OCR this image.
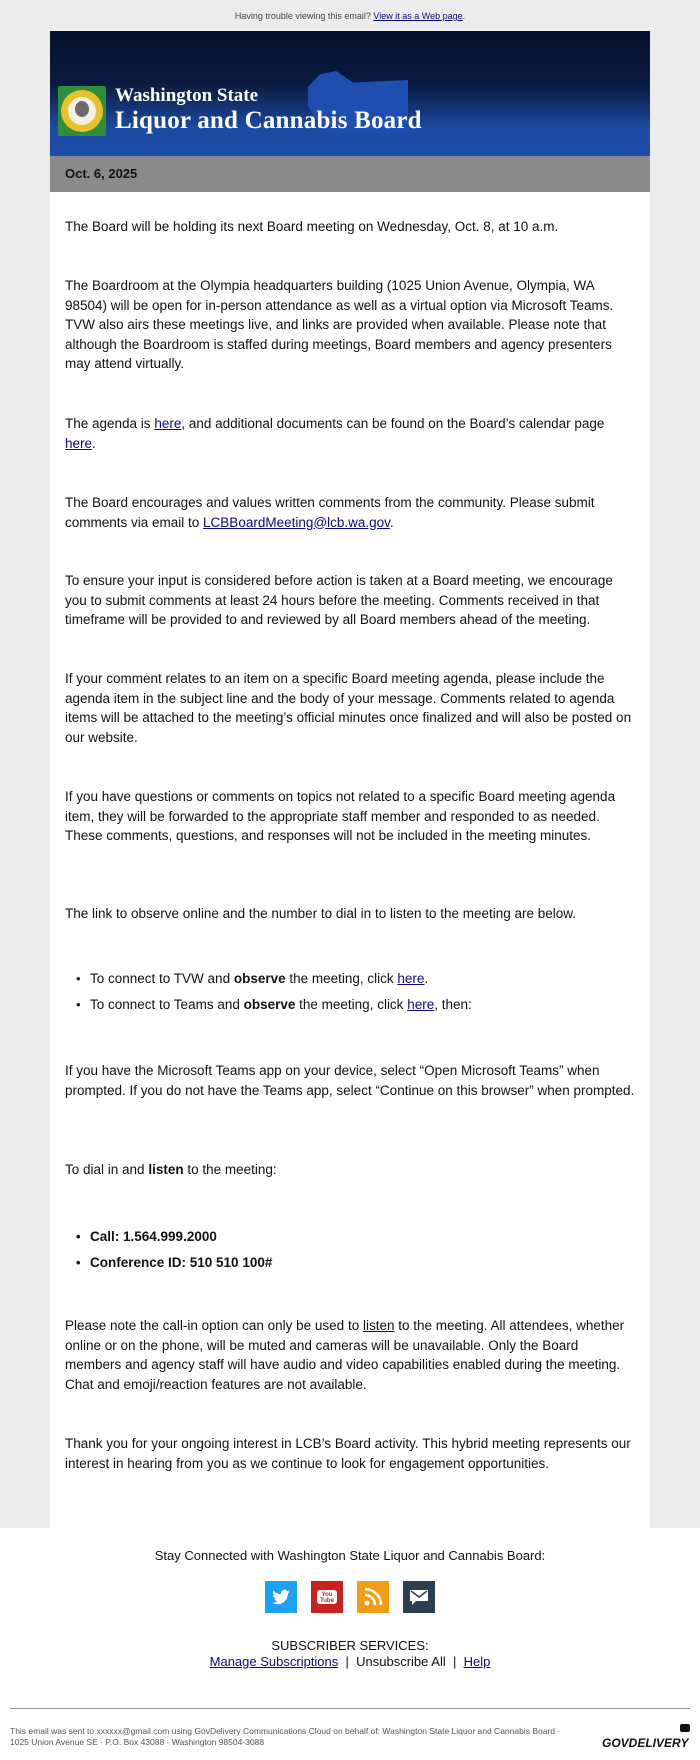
Having trouble viewing this email? View it as a Web page.
Washington State
Liquor and Cannabis Board
Oct. 6, 2025

The Board will be holding its next Board meeting on Wednesday, Oct. 8, at 10 a.m.

The Boardroom at the Olympia headquarters building (1025 Union Avenue, Olympia, WA 98504) will be open for in-person attendance as well as a virtual option via Microsoft Teams. TVW also airs these meetings live, and links are provided when available. Please note that although the Boardroom is staffed during meetings, Board members and agency presenters may attend virtually.

The agenda is here, and additional documents can be found on the Board’s calendar page here.

The Board encourages and values written comments from the community. Please submit comments via email to LCBBoardMeeting@lcb.wa.gov.

To ensure your input is considered before action is taken at a Board meeting, we encourage you to submit comments at least 24 hours before the meeting. Comments received in that timeframe will be provided to and reviewed by all Board members ahead of the meeting.

If your comment relates to an item on a specific Board meeting agenda, please include the agenda item in the subject line and the body of your message. Comments related to agenda items will be attached to the meeting’s official minutes once finalized and will also be posted on our website.

If you have questions or comments on topics not related to a specific Board meeting agenda item, they will be forwarded to the appropriate staff member and responded to as needed. These comments, questions, and responses will not be included in the meeting minutes.

The link to observe online and the number to dial in to listen to the meeting are below.

• To connect to TVW and observe the meeting, click here.
• To connect to Teams and observe the meeting, click here, then:

If you have the Microsoft Teams app on your device, select “Open Microsoft Teams” when prompted. If you do not have the Teams app, select “Continue on this browser” when prompted.

To dial in and listen to the meeting:

• Call: 1.564.999.2000
• Conference ID: 510 510 100#

Please note the call-in option can only be used to listen to the meeting. All attendees, whether online or on the phone, will be muted and cameras will be unavailable. Only the Board members and agency staff will have audio and video capabilities enabled during the meeting. Chat and emoji/reaction features are not available.

Thank you for your ongoing interest in LCB’s Board activity. This hybrid meeting represents our interest in hearing from you as we continue to look for engagement opportunities.

Stay Connected with Washington State Liquor and Cannabis Board:
You
Tube
SUBSCRIBER SERVICES:
Manage Subscriptions | Unsubscribe All | Help
This email was sent to xxxxxx@gmail.com using GovDelivery Communications Cloud on behalf of: Washington State Liquor and Cannabis Board · 1025 Union Avenue SE · P.O. Box 43088 · Washington 98504-3088	GOVDELIVERY
